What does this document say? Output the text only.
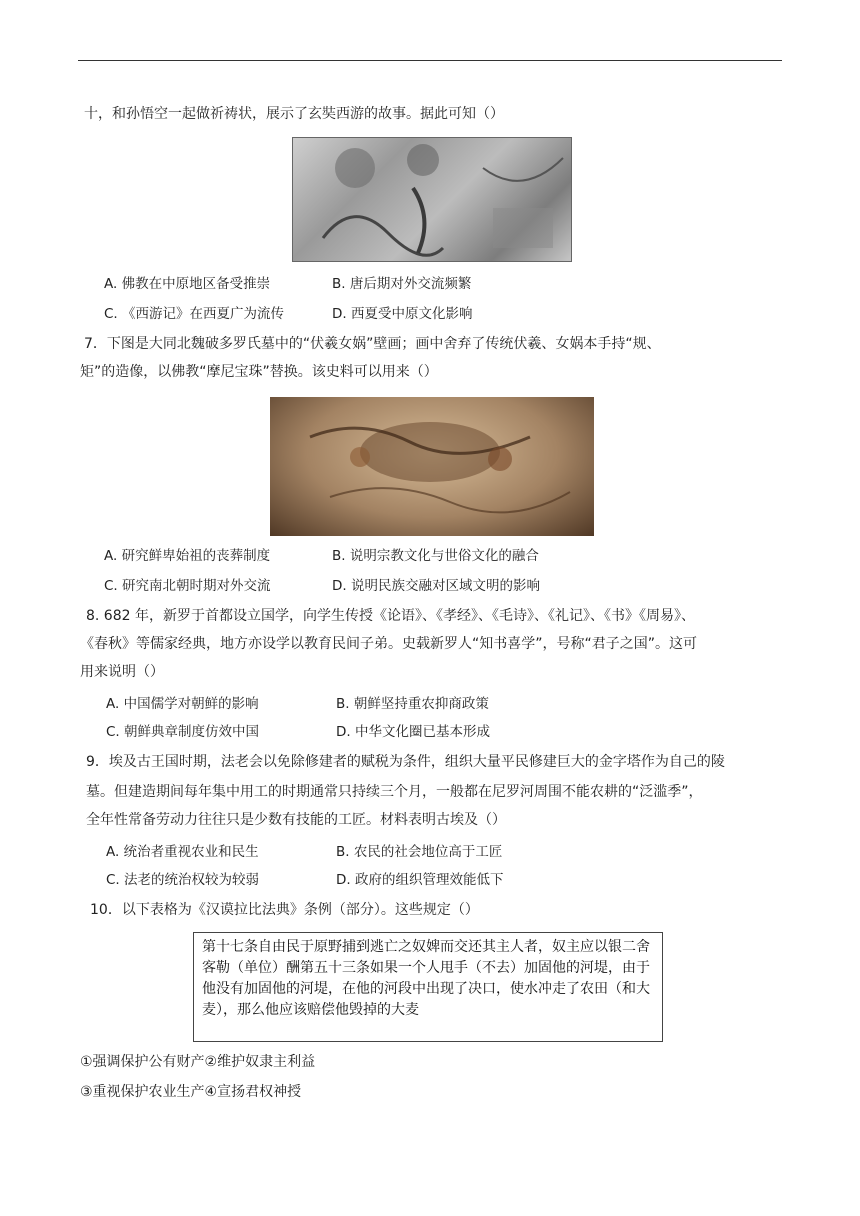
十，和孙悟空一起做祈祷状，展示了玄奘西游的故事。据此可知（）
A. 佛教在中原地区备受推崇	B. 唐后期对外交流频繁
C. 《西游记》在西夏广为流传	D. 西夏受中原文化影响
7．下图是大同北魏破多罗氏墓中的“伏羲女娲”壁画；画中舍弃了传统伏羲、女娲本手持“规、
矩”的造像，以佛教“摩尼宝珠”替换。该史料可以用来（）
A. 研究鲜卑始祖的丧葬制度	B. 说明宗教文化与世俗文化的融合
C. 研究南北朝时期对外交流	D. 说明民族交融对区域文明的影响
8. 682 年，新罗于首都设立国学，向学生传授《论语》、《孝经》、《毛诗》、《礼记》、《书》《周易》、
《春秋》等儒家经典，地方亦设学以教育民间子弟。史载新罗人“知书喜学”，号称“君子之国”。这可
用来说明（）
A. 中国儒学对朝鲜的影响	B. 朝鲜坚持重农抑商政策
C. 朝鲜典章制度仿效中国	D. 中华文化圈已基本形成
9．埃及古王国时期，法老会以免除修建者的赋税为条件，组织大量平民修建巨大的金字塔作为自己的陵
墓。但建造期间每年集中用工的时期通常只持续三个月，一般都在尼罗河周围不能农耕的“泛滥季”，
全年性常备劳动力往往只是少数有技能的工匠。材料表明古埃及（）
A. 统治者重视农业和民生	B. 农民的社会地位高于工匠
C. 法老的统治权较为较弱	D. 政府的组织管理效能低下
10．以下表格为《汉谟拉比法典》条例（部分）。这些规定（）
第十七条自由民于原野捕到逃亡之奴婢而交还其主人者，奴主应以银二舍客勒（单位）酬第五十三条如果一个人甩手（不去）加固他的河堤，由于他没有加固他的河堤，在他的河段中出现了决口，使水冲走了农田（和大麦），那么他应该赔偿他毁掉的大麦
①强调保护公有财产②维护奴隶主利益
③重视保护农业生产④宣扬君权神授
